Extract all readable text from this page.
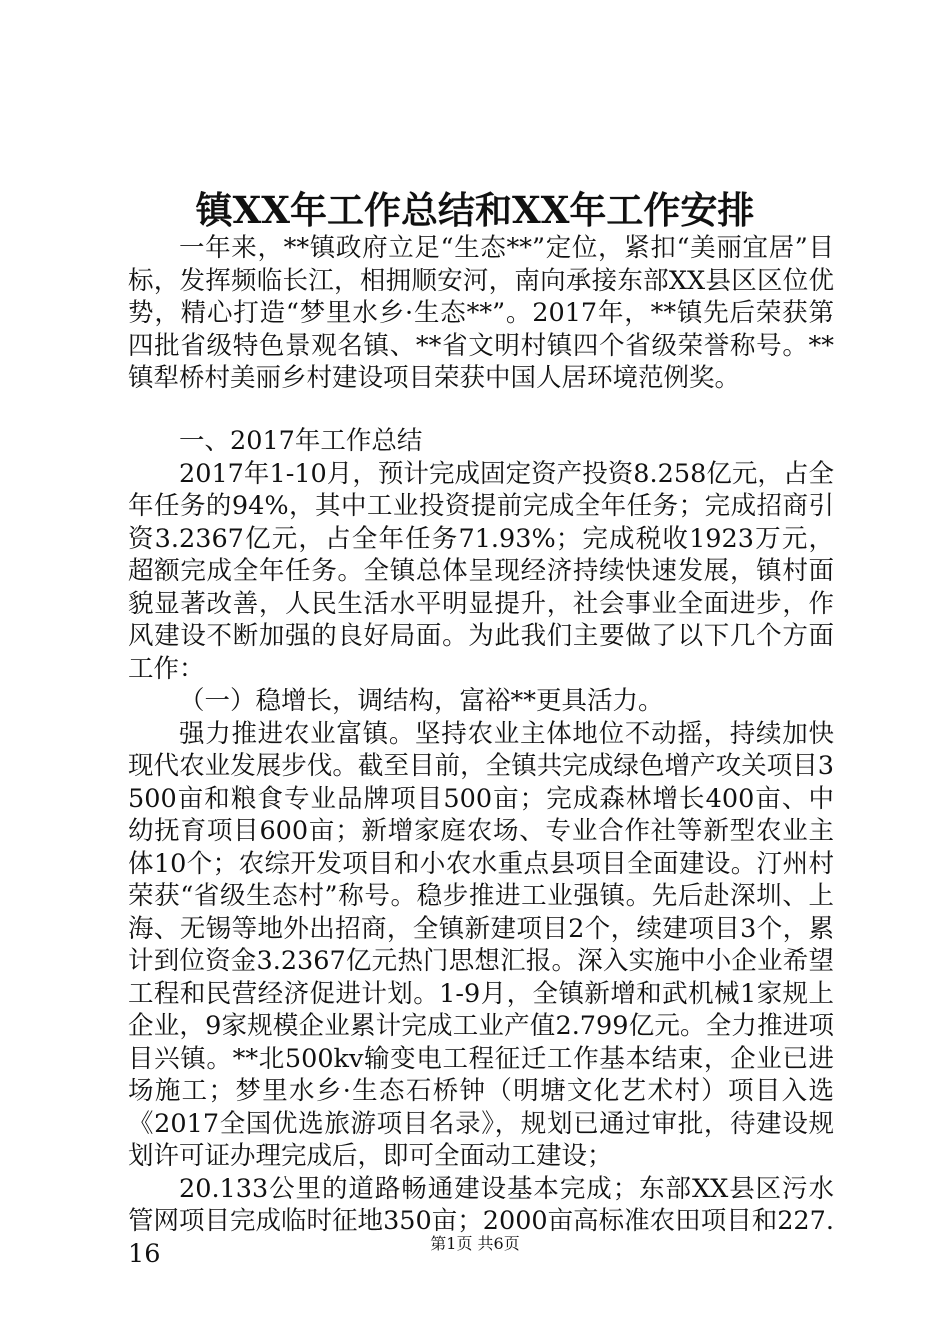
镇XX年工作总结和XX年工作安排

一年来，**镇政府立足“生态**”定位，紧扣“美丽宜居”目标，发挥频临长江，相拥顺安河，南向承接东部XX县区区位优势，精心打造“梦里水乡·生态**”。2017年，**镇先后荣获第四批省级特色景观名镇、**省文明村镇四个省级荣誉称号。**镇犁桥村美丽乡村建设项目荣获中国人居环境范例奖。

一、2017年工作总结

2017年1-10月，预计完成固定资产投资8.258亿元，占全年任务的94%，其中工业投资提前完成全年任务；完成招商引资3.2367亿元，占全年任务71.93%；完成税收1923万元，超额完成全年任务。全镇总体呈现经济持续快速发展，镇村面貌显著改善，人民生活水平明显提升，社会事业全面进步，作风建设不断加强的良好局面。为此我们主要做了以下几个方面工作：

（一）稳增长，调结构，富裕**更具活力。

强力推进农业富镇。坚持农业主体地位不动摇，持续加快现代农业发展步伐。截至目前，全镇共完成绿色增产攻关项目3500亩和粮食专业品牌项目500亩；完成森林增长400亩、中幼抚育项目600亩；新增家庭农场、专业合作社等新型农业主体10个；农综开发项目和小农水重点县项目全面建设。汀州村荣获“省级生态村”称号。稳步推进工业强镇。先后赴深圳、上海、无锡等地外出招商，全镇新建项目2个，续建项目3个，累计到位资金3.2367亿元热门思想汇报。深入实施中小企业希望工程和民营经济促进计划。1-9月，全镇新增和武机械1家规上企业，9家规模企业累计完成工业产值2.799亿元。全力推进项目兴镇。**北500kv输变电工程征迁工作基本结束，企业已进场施工；梦里水乡·生态石桥钟（明塘文化艺术村）项目入选《2017全国优选旅游项目名录》，规划已通过审批，待建设规划许可证办理完成后，即可全面动工建设；

20.133公里的道路畅通建设基本完成；东部XX县区污水管网项目完成临时征地350亩；2000亩高标准农田项目和227.16	第1页 共6页
